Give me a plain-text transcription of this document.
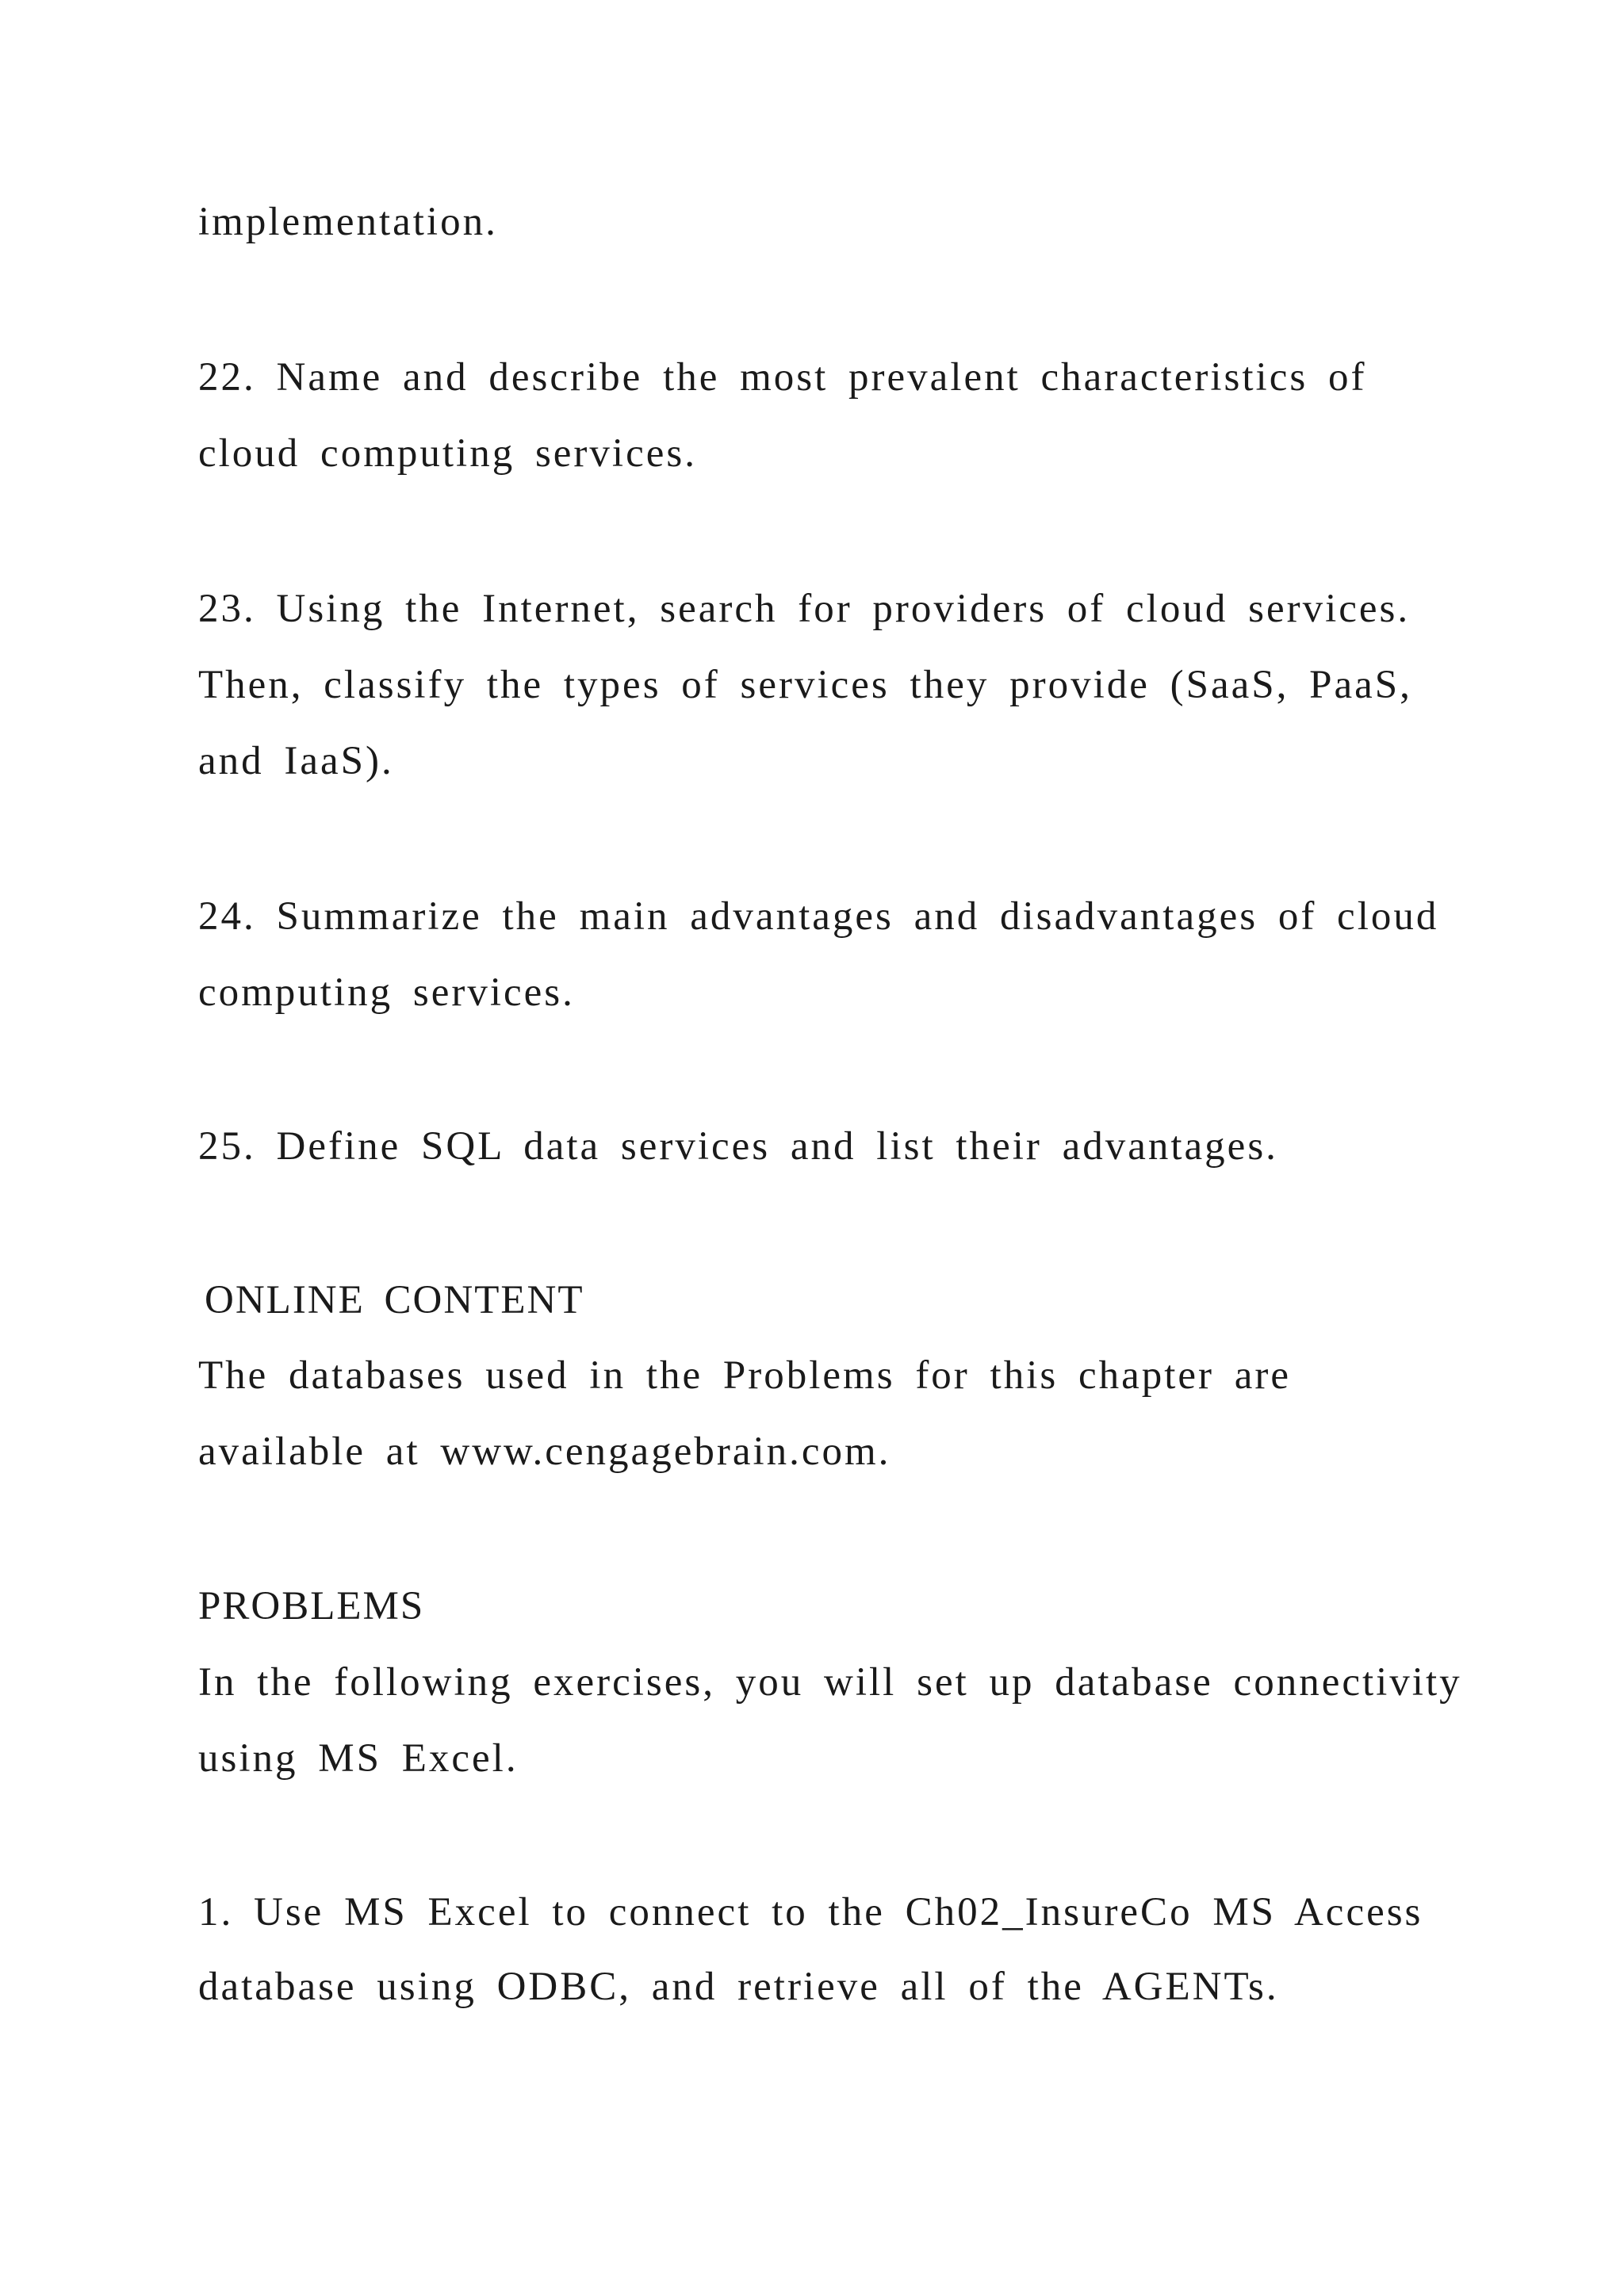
implementation.
22. Name and describe the most prevalent characteristics of
cloud computing services.
23. Using the Internet, search for providers of cloud services.
Then, classify the types of services they provide (SaaS, PaaS,
and IaaS).
24. Summarize the main advantages and disadvantages of cloud
computing services.
25. Define SQL data services and list their advantages.
ONLINE CONTENT
The databases used in the Problems for this chapter are
available at www.cengagebrain.com.
PROBLEMS
In the following exercises, you will set up database connectivity
using MS Excel.
1. Use MS Excel to connect to the Ch02_InsureCo MS Access
database using ODBC, and retrieve all of the AGENTs.
